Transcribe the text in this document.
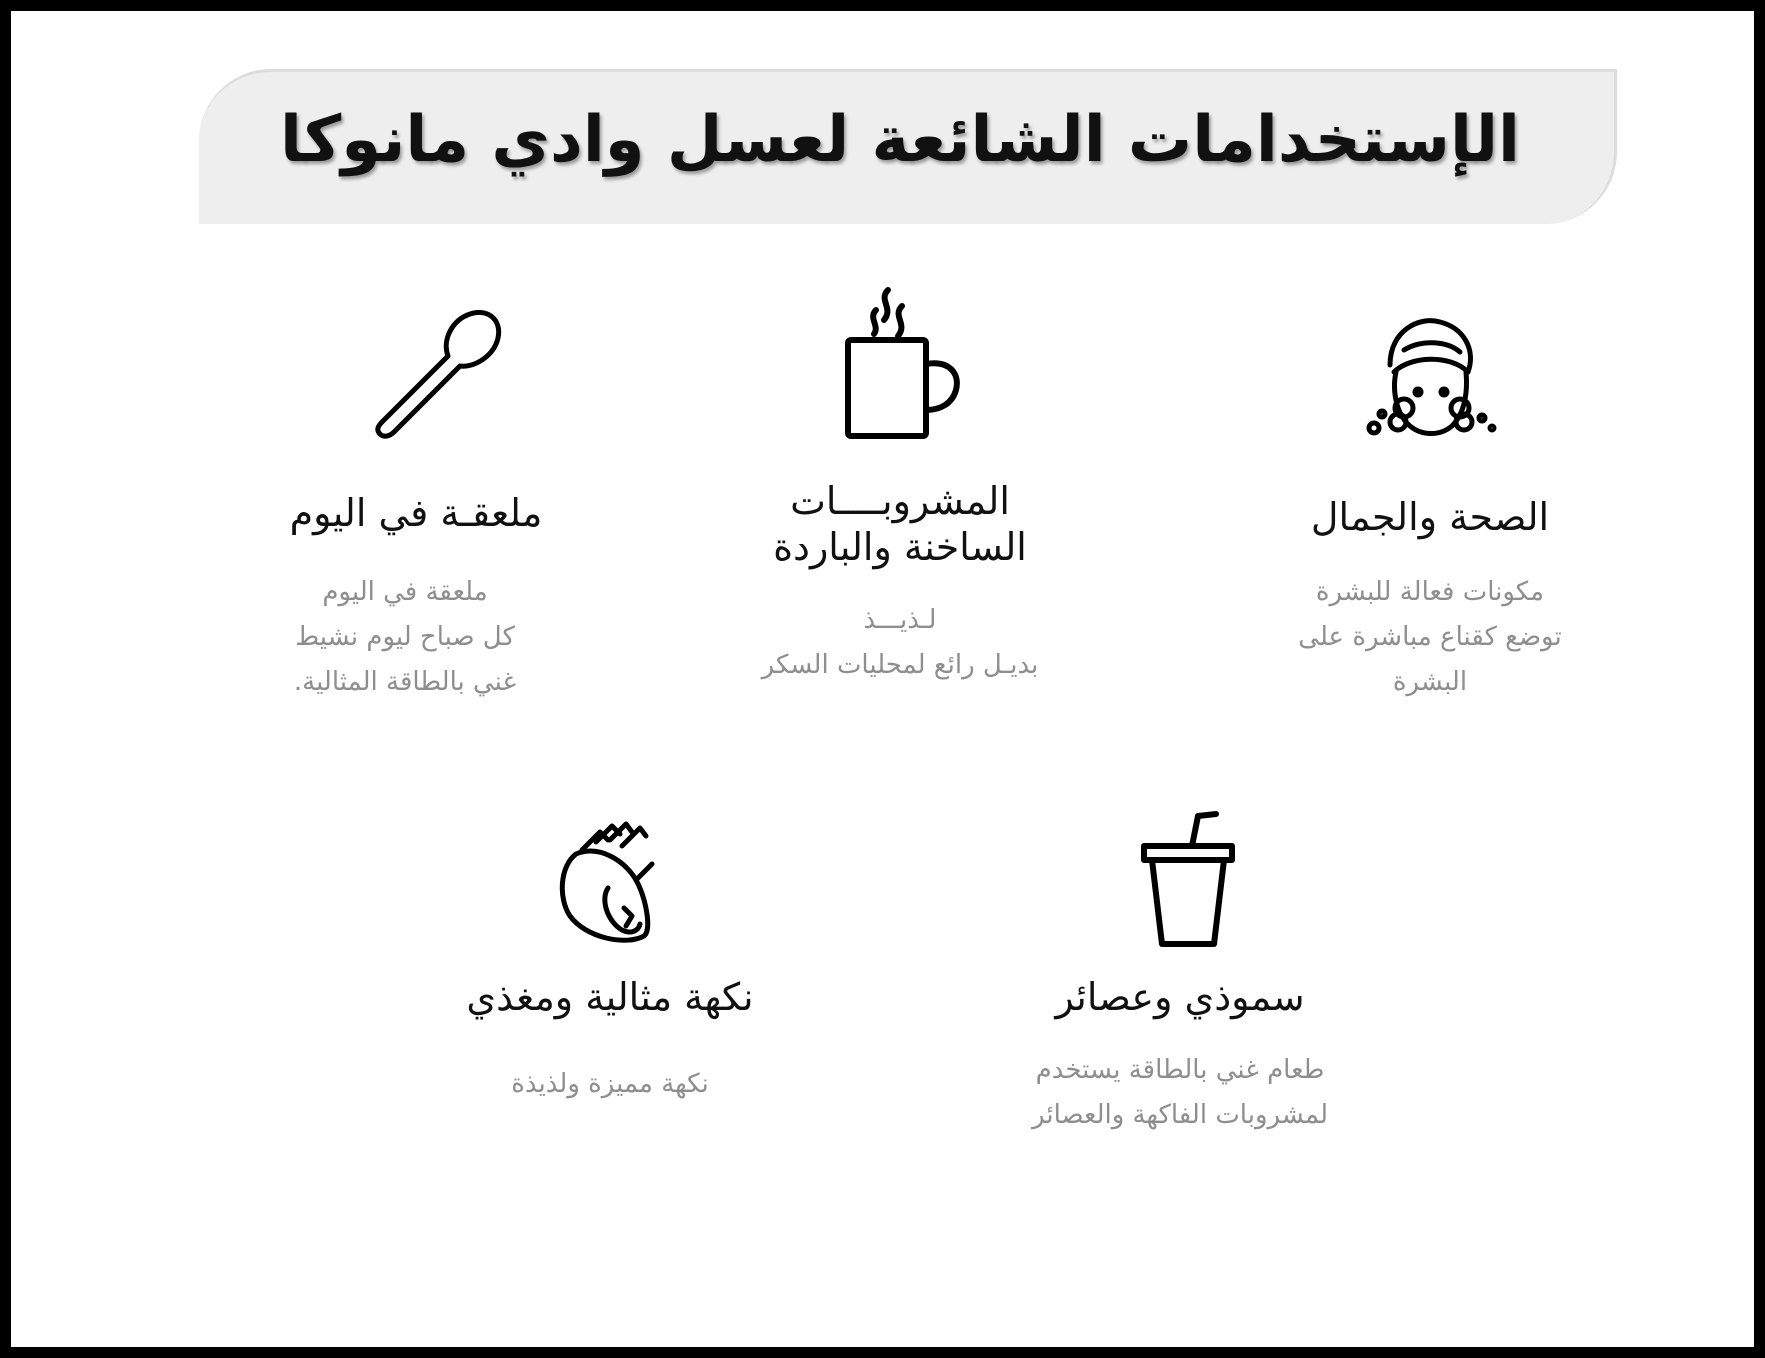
الإستخدامات الشائعة لعسل وادي مانوكا
الصحة والجمال
مكونات فعالة للبشرة
توضع كقناع مباشرة على
البشرة
المشروبــــات
الساخنة والباردة
لـذيـــذ
بديـل رائع لمحليات السكر
ملعقـة في اليوم
ملعقة في اليوم
كل صباح ليوم نشيط
غني بالطاقة المثالية.
سموذي وعصائر
طعام غني بالطاقة يستخدم
لمشروبات الفاكهة والعصائر
نكهة مثالية ومغذي
نكهة مميزة ولذيذة
